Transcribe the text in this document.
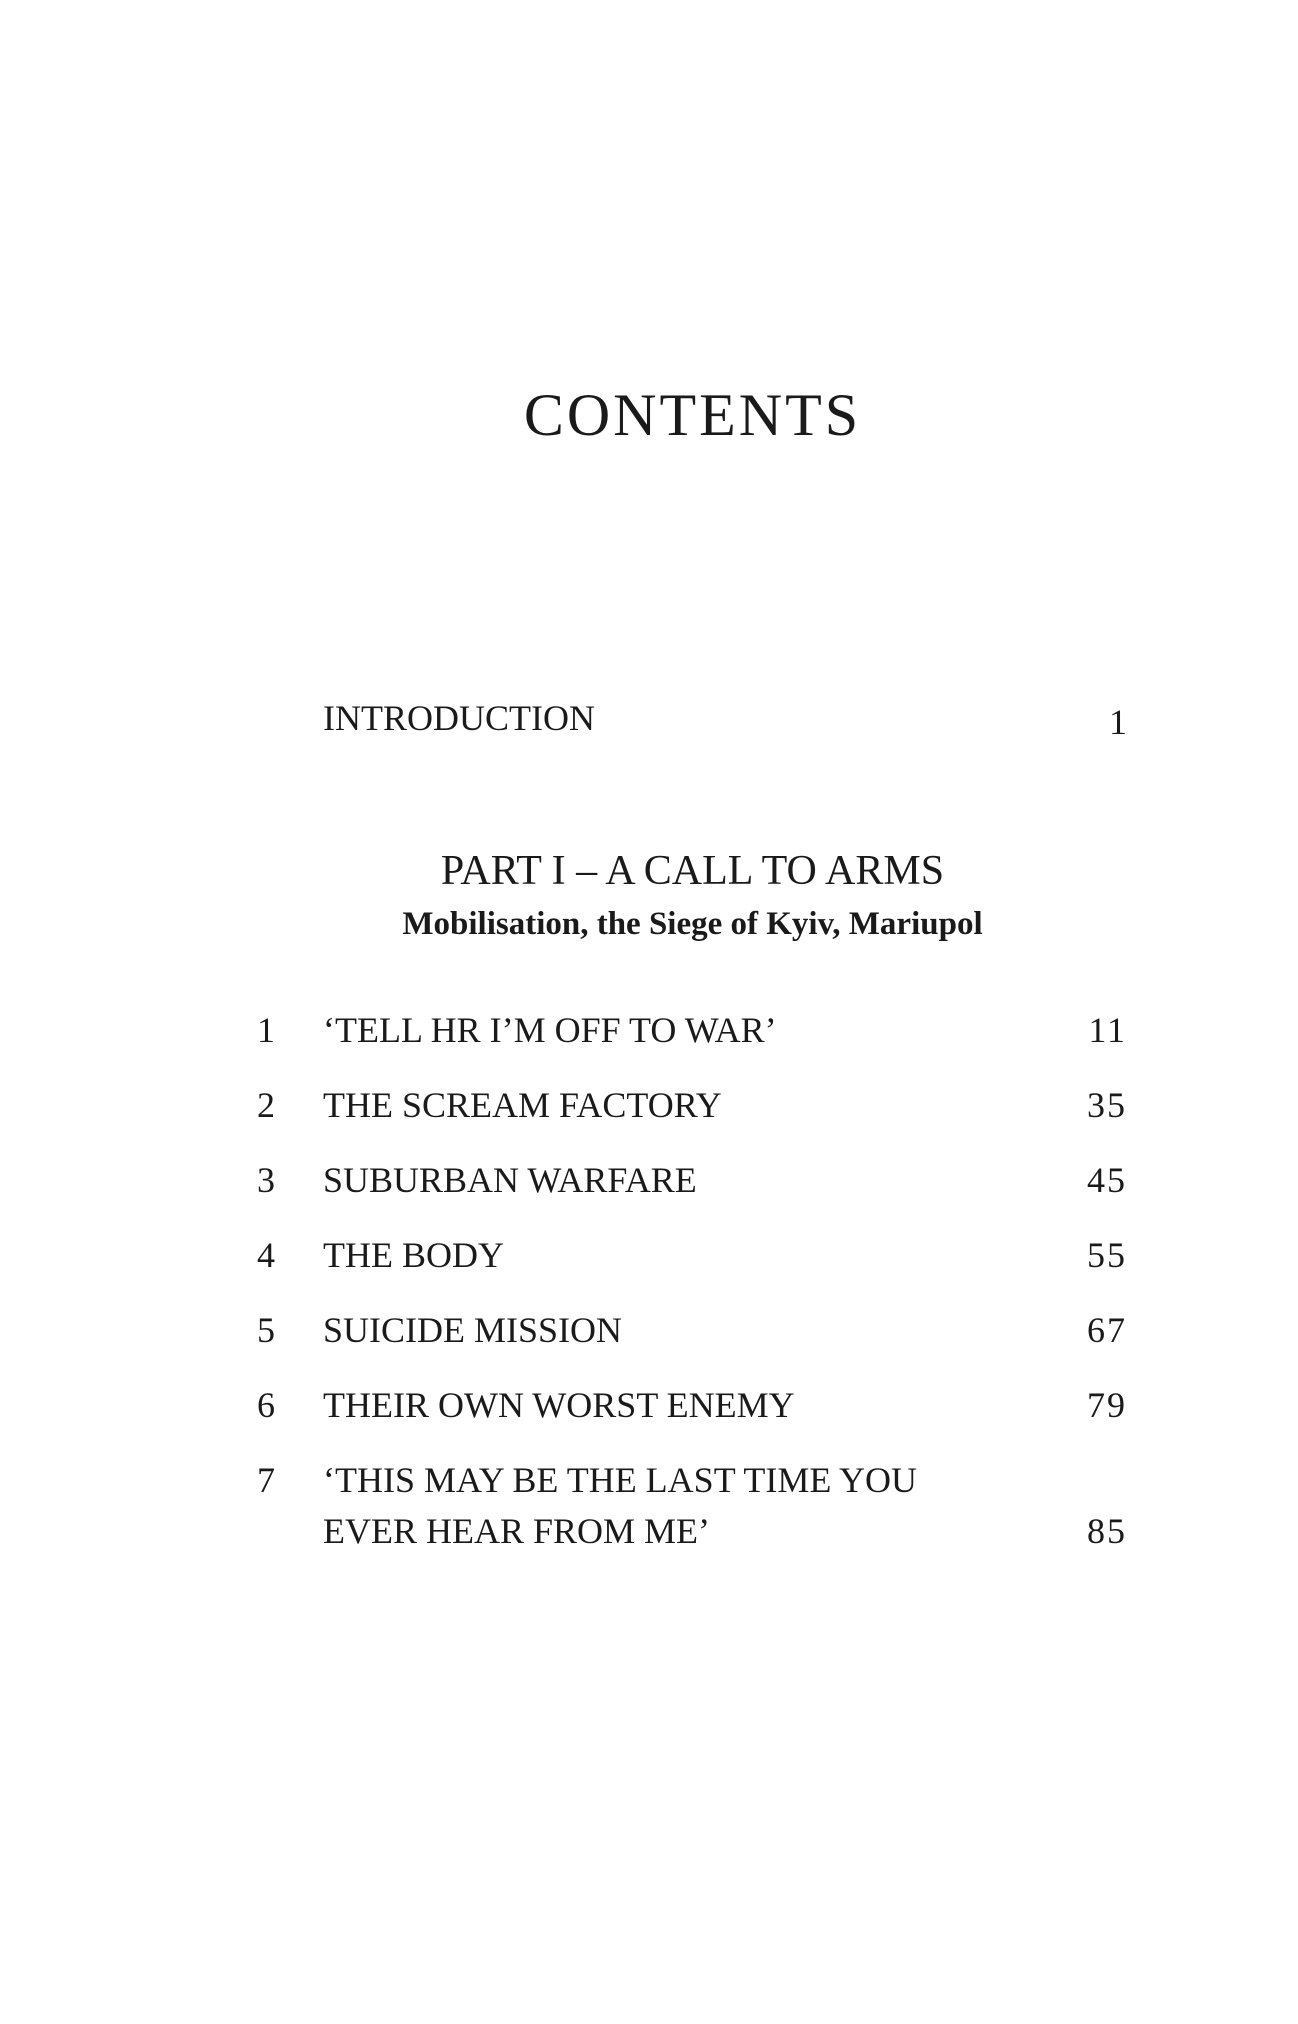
CONTENTS
INTRODUCTION	1
PART I – A CALL TO ARMS
Mobilisation, the Siege of Kyiv, Mariupol
1	‘TELL HR I’M OFF TO WAR’	11
2	THE SCREAM FACTORY	35
3	SUBURBAN WARFARE	45
4	THE BODY	55
5	SUICIDE MISSION	67
6	THEIR OWN WORST ENEMY	79
7	‘THIS MAY BE THE LAST TIME YOU
EVER HEAR FROM ME’	85
